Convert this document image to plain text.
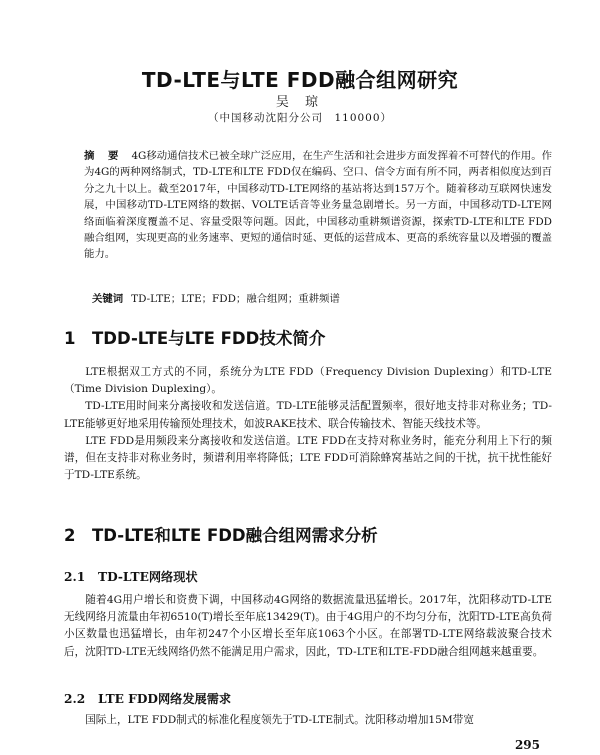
TD-LTE与LTE FDD融合组网研究
吴 琼
（中国移动沈阳分公司　110000）
摘 要 4G移动通信技术已被全球广泛应用，在生产生活和社会进步方面发挥着不可替代的作用。作为4G的两种网络制式，TD-LTE和LTE FDD仅在编码、空口、信令方面有所不同，两者相似度达到百分之九十以上。截至2017年，中国移动TD-LTE网络的基站将达到157万个。随着移动互联网快速发展，中国移动TD-LTE网络的数据、VOLTE话音等业务量急剧增长。另一方面，中国移动TD-LTE网络面临着深度覆盖不足、容量受限等问题。因此，中国移动重耕频谱资源，探索TD-LTE和LTE FDD融合组网，实现更高的业务速率、更短的通信时延、更低的运营成本、更高的系统容量以及增强的覆盖能力。
关键词 TD-LTE；LTE；FDD；融合组网；重耕频谱
1 TDD-LTE与LTE FDD技术简介

LTE根据双工方式的不同，系统分为LTE FDD（Frequency Division Duplexing）和TD-LTE（Time Division Duplexing）。

TD-LTE用时间来分离接收和发送信道。TD-LTE能够灵活配置频率，很好地支持非对称业务；TD-LTE能够更好地采用传输预处理技术，如波RAKE技术、联合传输技术、智能天线技术等。

LTE FDD是用频段来分离接收和发送信道。LTE FDD在支持对称业务时，能充分利用上下行的频谱，但在支持非对称业务时，频谱利用率将降低；LTE FDD可消除蜂窝基站之间的干扰，抗干扰性能好于TD-LTE系统。

2 TD-LTE和LTE FDD融合组网需求分析
2.1 TD-LTE网络现状

随着4G用户增长和资费下调，中国移动4G网络的数据流量迅猛增长。2017年，沈阳移动TD-LTE无线网络月流量由年初6510(T)增长至年底13429(T)。由于4G用户的不均匀分布，沈阳TD-LTE高负荷小区数量也迅猛增长，由年初247个小区增长至年底1063个小区。在部署TD-LTE网络载波聚合技术后，沈阳TD-LTE无线网络仍然不能满足用户需求，因此，TD-LTE和LTE-FDD融合组网越来越重要。

2.2 LTE FDD网络发展需求

国际上，LTE FDD制式的标准化程度领先于TD-LTE制式。沈阳移动增加15M带宽

295
